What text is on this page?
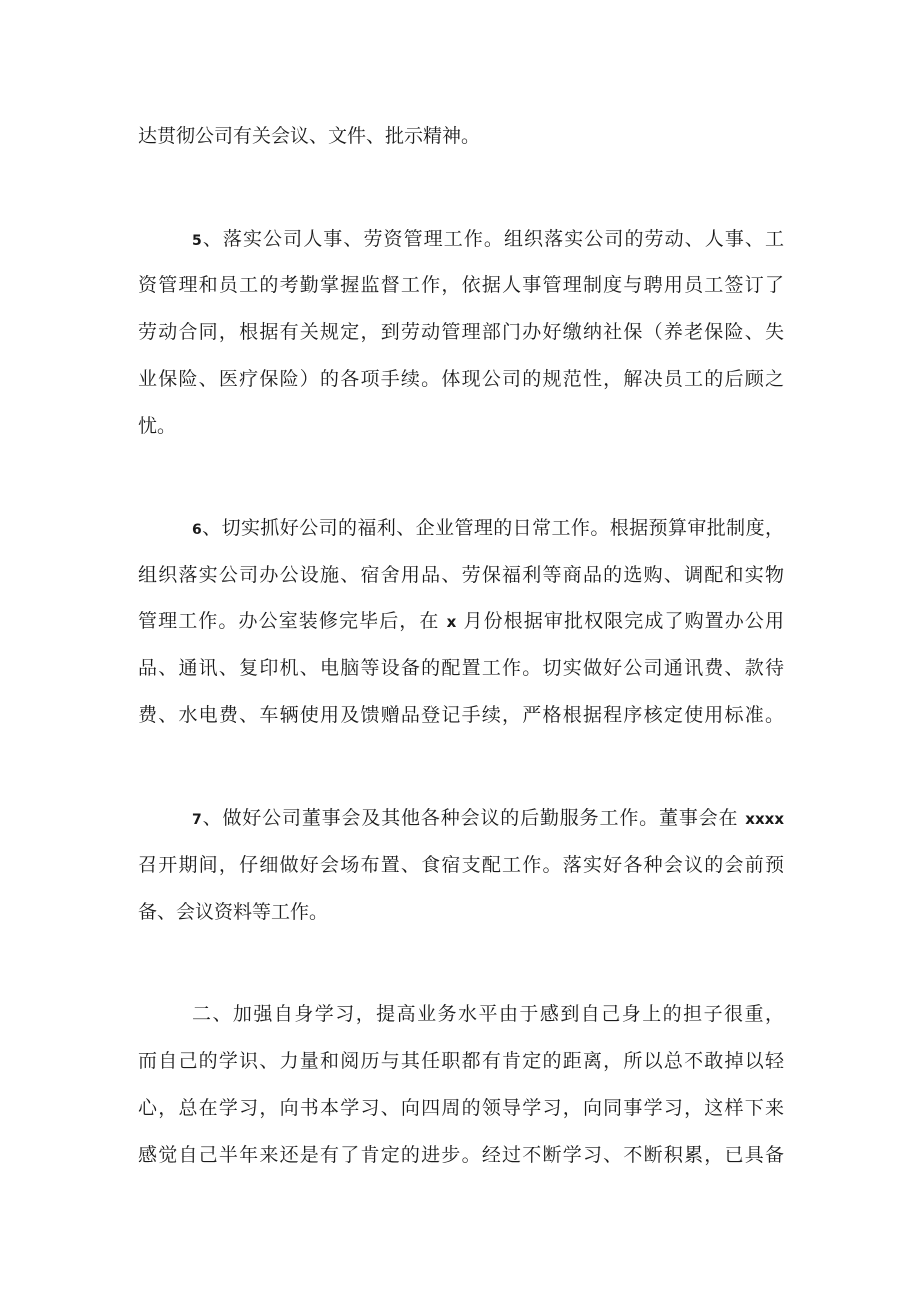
达贯彻公司有关会议、文件、批示精神。
5、落实公司人事、劳资管理工作。组织落实公司的劳动、人事、工
资管理和员工的考勤掌握监督工作，依据人事管理制度与聘用员工签订了
劳动合同，根据有关规定，到劳动管理部门办好缴纳社保（养老保险、失
业保险、医疗保险）的各项手续。体现公司的规范性，解决员工的后顾之
忧。
6、切实抓好公司的福利、企业管理的日常工作。根据预算审批制度，
组织落实公司办公设施、宿舍用品、劳保福利等商品的选购、调配和实物
管理工作。办公室装修完毕后，在 x 月份根据审批权限完成了购置办公用
品、通讯、复印机、电脑等设备的配置工作。切实做好公司通讯费、款待
费、水电费、车辆使用及馈赠品登记手续，严格根据程序核定使用标准。
7、做好公司董事会及其他各种会议的后勤服务工作。董事会在 xxxx
召开期间，仔细做好会场布置、食宿支配工作。落实好各种会议的会前预
备、会议资料等工作。
二、加强自身学习，提高业务水平由于感到自己身上的担子很重，
而自己的学识、力量和阅历与其任职都有肯定的距离，所以总不敢掉以轻
心，总在学习，向书本学习、向四周的领导学习，向同事学习，这样下来
感觉自己半年来还是有了肯定的进步。经过不断学习、不断积累，已具备
